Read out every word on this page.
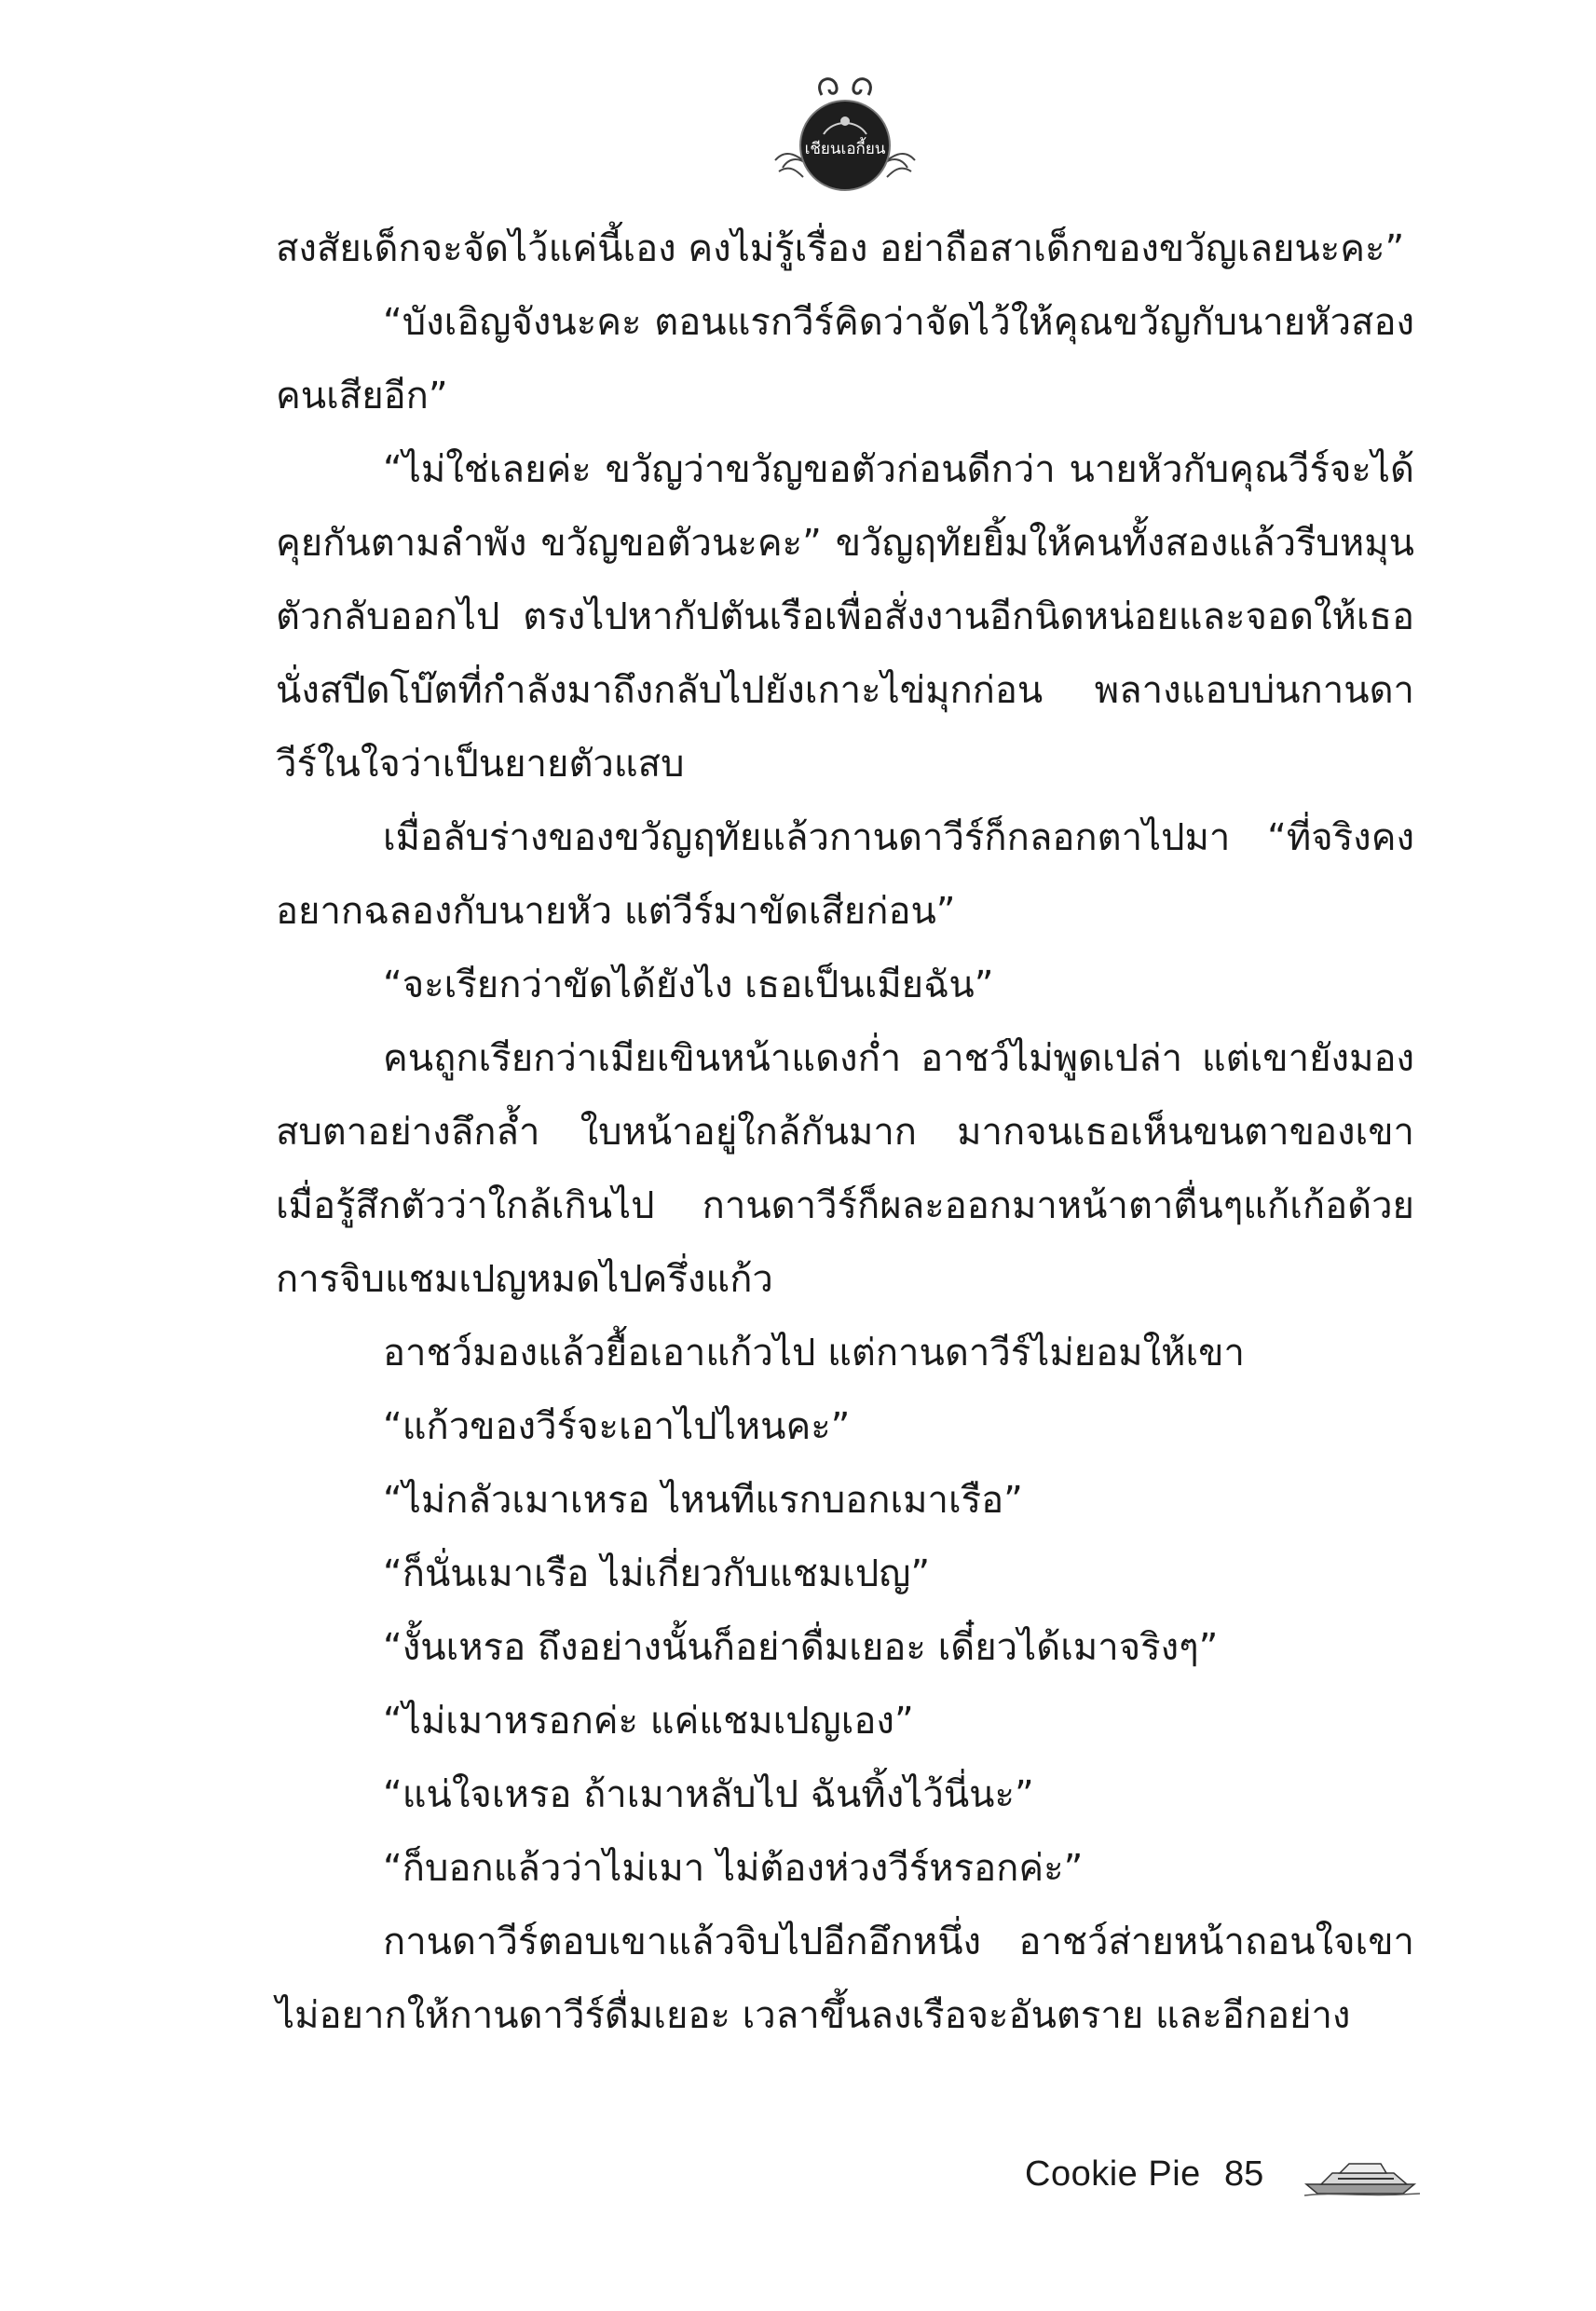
เชียนเอกี้ยน

สงสัยเด็กจะจัดไว้แค่นี้เอง คงไม่รู้เรื่อง อย่าถือสาเด็กของขวัญเลยนะคะ”

“บังเอิญจังนะคะ ตอนแรกวีร์คิดว่าจัดไว้ให้คุณขวัญกับนายหัวสองคนเสียอีก”

“ไม่ใช่เลยค่ะ ขวัญว่าขวัญขอตัวก่อนดีกว่า นายหัวกับคุณวีร์จะได้คุยกันตามลำพัง ขวัญขอตัวนะคะ” ขวัญฤทัยยิ้มให้คนทั้งสองแล้วรีบหมุนตัวกลับออกไป ตรงไปหากัปตันเรือเพื่อสั่งงานอีกนิดหน่อยและจอดให้เธอนั่งสปีดโบ๊ตที่กำลังมาถึงกลับไปยังเกาะไข่มุกก่อน พลางแอบบ่นกานดาวีร์ในใจว่าเป็นยายตัวแสบ

เมื่อลับร่างของขวัญฤทัยแล้วกานดาวีร์ก็กลอกตาไปมา “ที่จริงคงอยากฉลองกับนายหัว แต่วีร์มาขัดเสียก่อน”

“จะเรียกว่าขัดได้ยังไง เธอเป็นเมียฉัน”

คนถูกเรียกว่าเมียเขินหน้าแดงก่ำ อาชว์ไม่พูดเปล่า แต่เขายังมองสบตาอย่างลึกล้ำ ใบหน้าอยู่ใกล้กันมาก มากจนเธอเห็นขนตาของเขา เมื่อรู้สึกตัวว่าใกล้เกินไป กานดาวีร์ก็ผละออกมาหน้าตาตื่นๆแก้เก้อด้วยการจิบแชมเปญหมดไปครึ่งแก้ว

อาชว์มองแล้วยื้อเอาแก้วไป แต่กานดาวีร์ไม่ยอมให้เขา

“แก้วของวีร์จะเอาไปไหนคะ”

“ไม่กลัวเมาเหรอ ไหนทีแรกบอกเมาเรือ”

“ก็นั่นเมาเรือ ไม่เกี่ยวกับแชมเปญ”

“งั้นเหรอ ถึงอย่างนั้นก็อย่าดื่มเยอะ เดี๋ยวได้เมาจริงๆ”

“ไม่เมาหรอกค่ะ แค่แชมเปญเอง”

“แน่ใจเหรอ ถ้าเมาหลับไป ฉันทิ้งไว้นี่นะ”

“ก็บอกแล้วว่าไม่เมา ไม่ต้องห่วงวีร์หรอกค่ะ”

กานดาวีร์ตอบเขาแล้วจิบไปอีกอึกหนึ่ง อาชว์ส่ายหน้าถอนใจเขาไม่อยากให้กานดาวีร์ดื่มเยอะ เวลาขึ้นลงเรือจะอันตราย และอีกอย่าง

Cookie Pie 85
